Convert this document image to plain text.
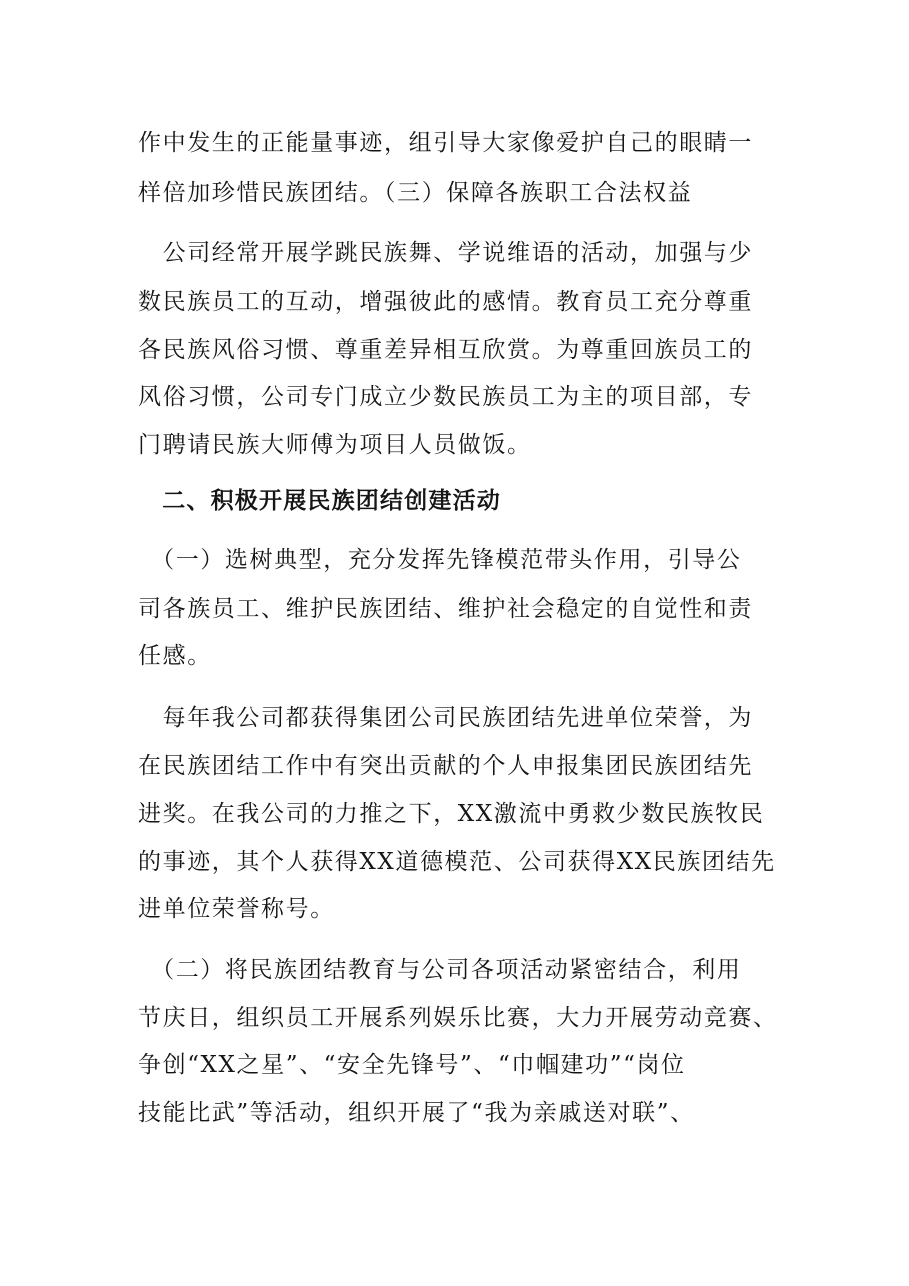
作中发生的正能量事迹，组引导大家像爱护自己的眼睛一
样倍加珍惜民族团结。（三）保障各族职工合法权益
　公司经常开展学跳民族舞、学说维语的活动，加强与少
数民族员工的互动，增强彼此的感情。教育员工充分尊重
各民族风俗习惯、尊重差异相互欣赏。为尊重回族员工的
风俗习惯，公司专门成立少数民族员工为主的项目部，专
门聘请民族大师傅为项目人员做饭。
　二、积极开展民族团结创建活动
　（一）选树典型，充分发挥先锋模范带头作用，引导公
司各族员工、维护民族团结、维护社会稳定的自觉性和责
任感。
　每年我公司都获得集团公司民族团结先进单位荣誉，为
在民族团结工作中有突出贡献的个人申报集团民族团结先
进奖。在我公司的力推之下，XX激流中勇救少数民族牧民
的事迹，其个人获得XX道德模范、公司获得XX民族团结先
进单位荣誉称号。
　（二）将民族团结教育与公司各项活动紧密结合，利用
节庆日，组织员工开展系列娱乐比赛，大力开展劳动竞赛、
争创“XX之星”、“安全先锋号”、“巾帼建功”“岗位
技能比武”等活动，组织开展了“我为亲戚送对联”、
